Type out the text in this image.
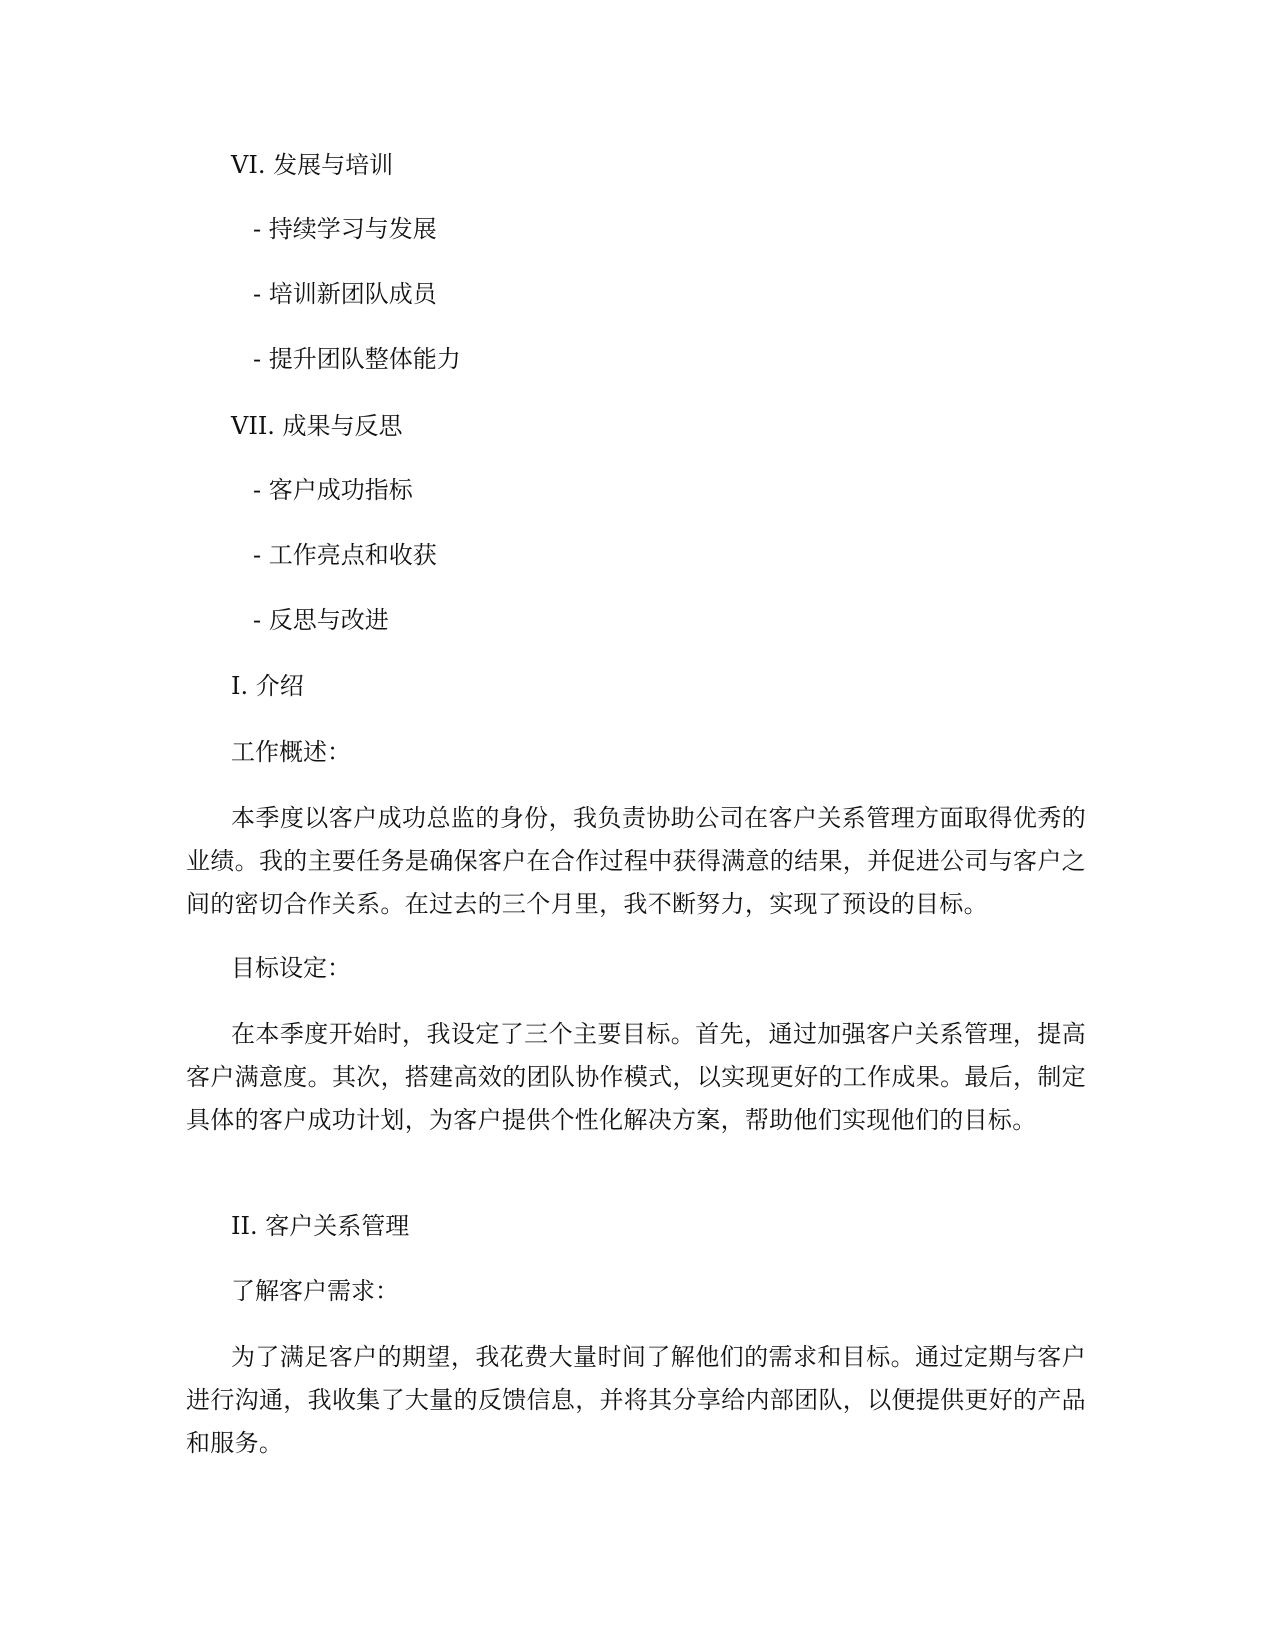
VI. 发展与培训
- 持续学习与发展
- 培训新团队成员
- 提升团队整体能力
VII. 成果与反思
- 客户成功指标
- 工作亮点和收获
- 反思与改进
I. 介绍
工作概述：
本季度以客户成功总监的身份，我负责协助公司在客户关系管理方面取得优秀的业绩。我的主要任务是确保客户在合作过程中获得满意的结果，并促进公司与客户之间的密切合作关系。在过去的三个月里，我不断努力，实现了预设的目标。
目标设定：
在本季度开始时，我设定了三个主要目标。首先，通过加强客户关系管理，提高客户满意度。其次，搭建高效的团队协作模式，以实现更好的工作成果。最后，制定具体的客户成功计划，为客户提供个性化解决方案，帮助他们实现他们的目标。
II. 客户关系管理
了解客户需求：
为了满足客户的期望，我花费大量时间了解他们的需求和目标。通过定期与客户进行沟通，我收集了大量的反馈信息，并将其分享给内部团队，以便提供更好的产品和服务。
